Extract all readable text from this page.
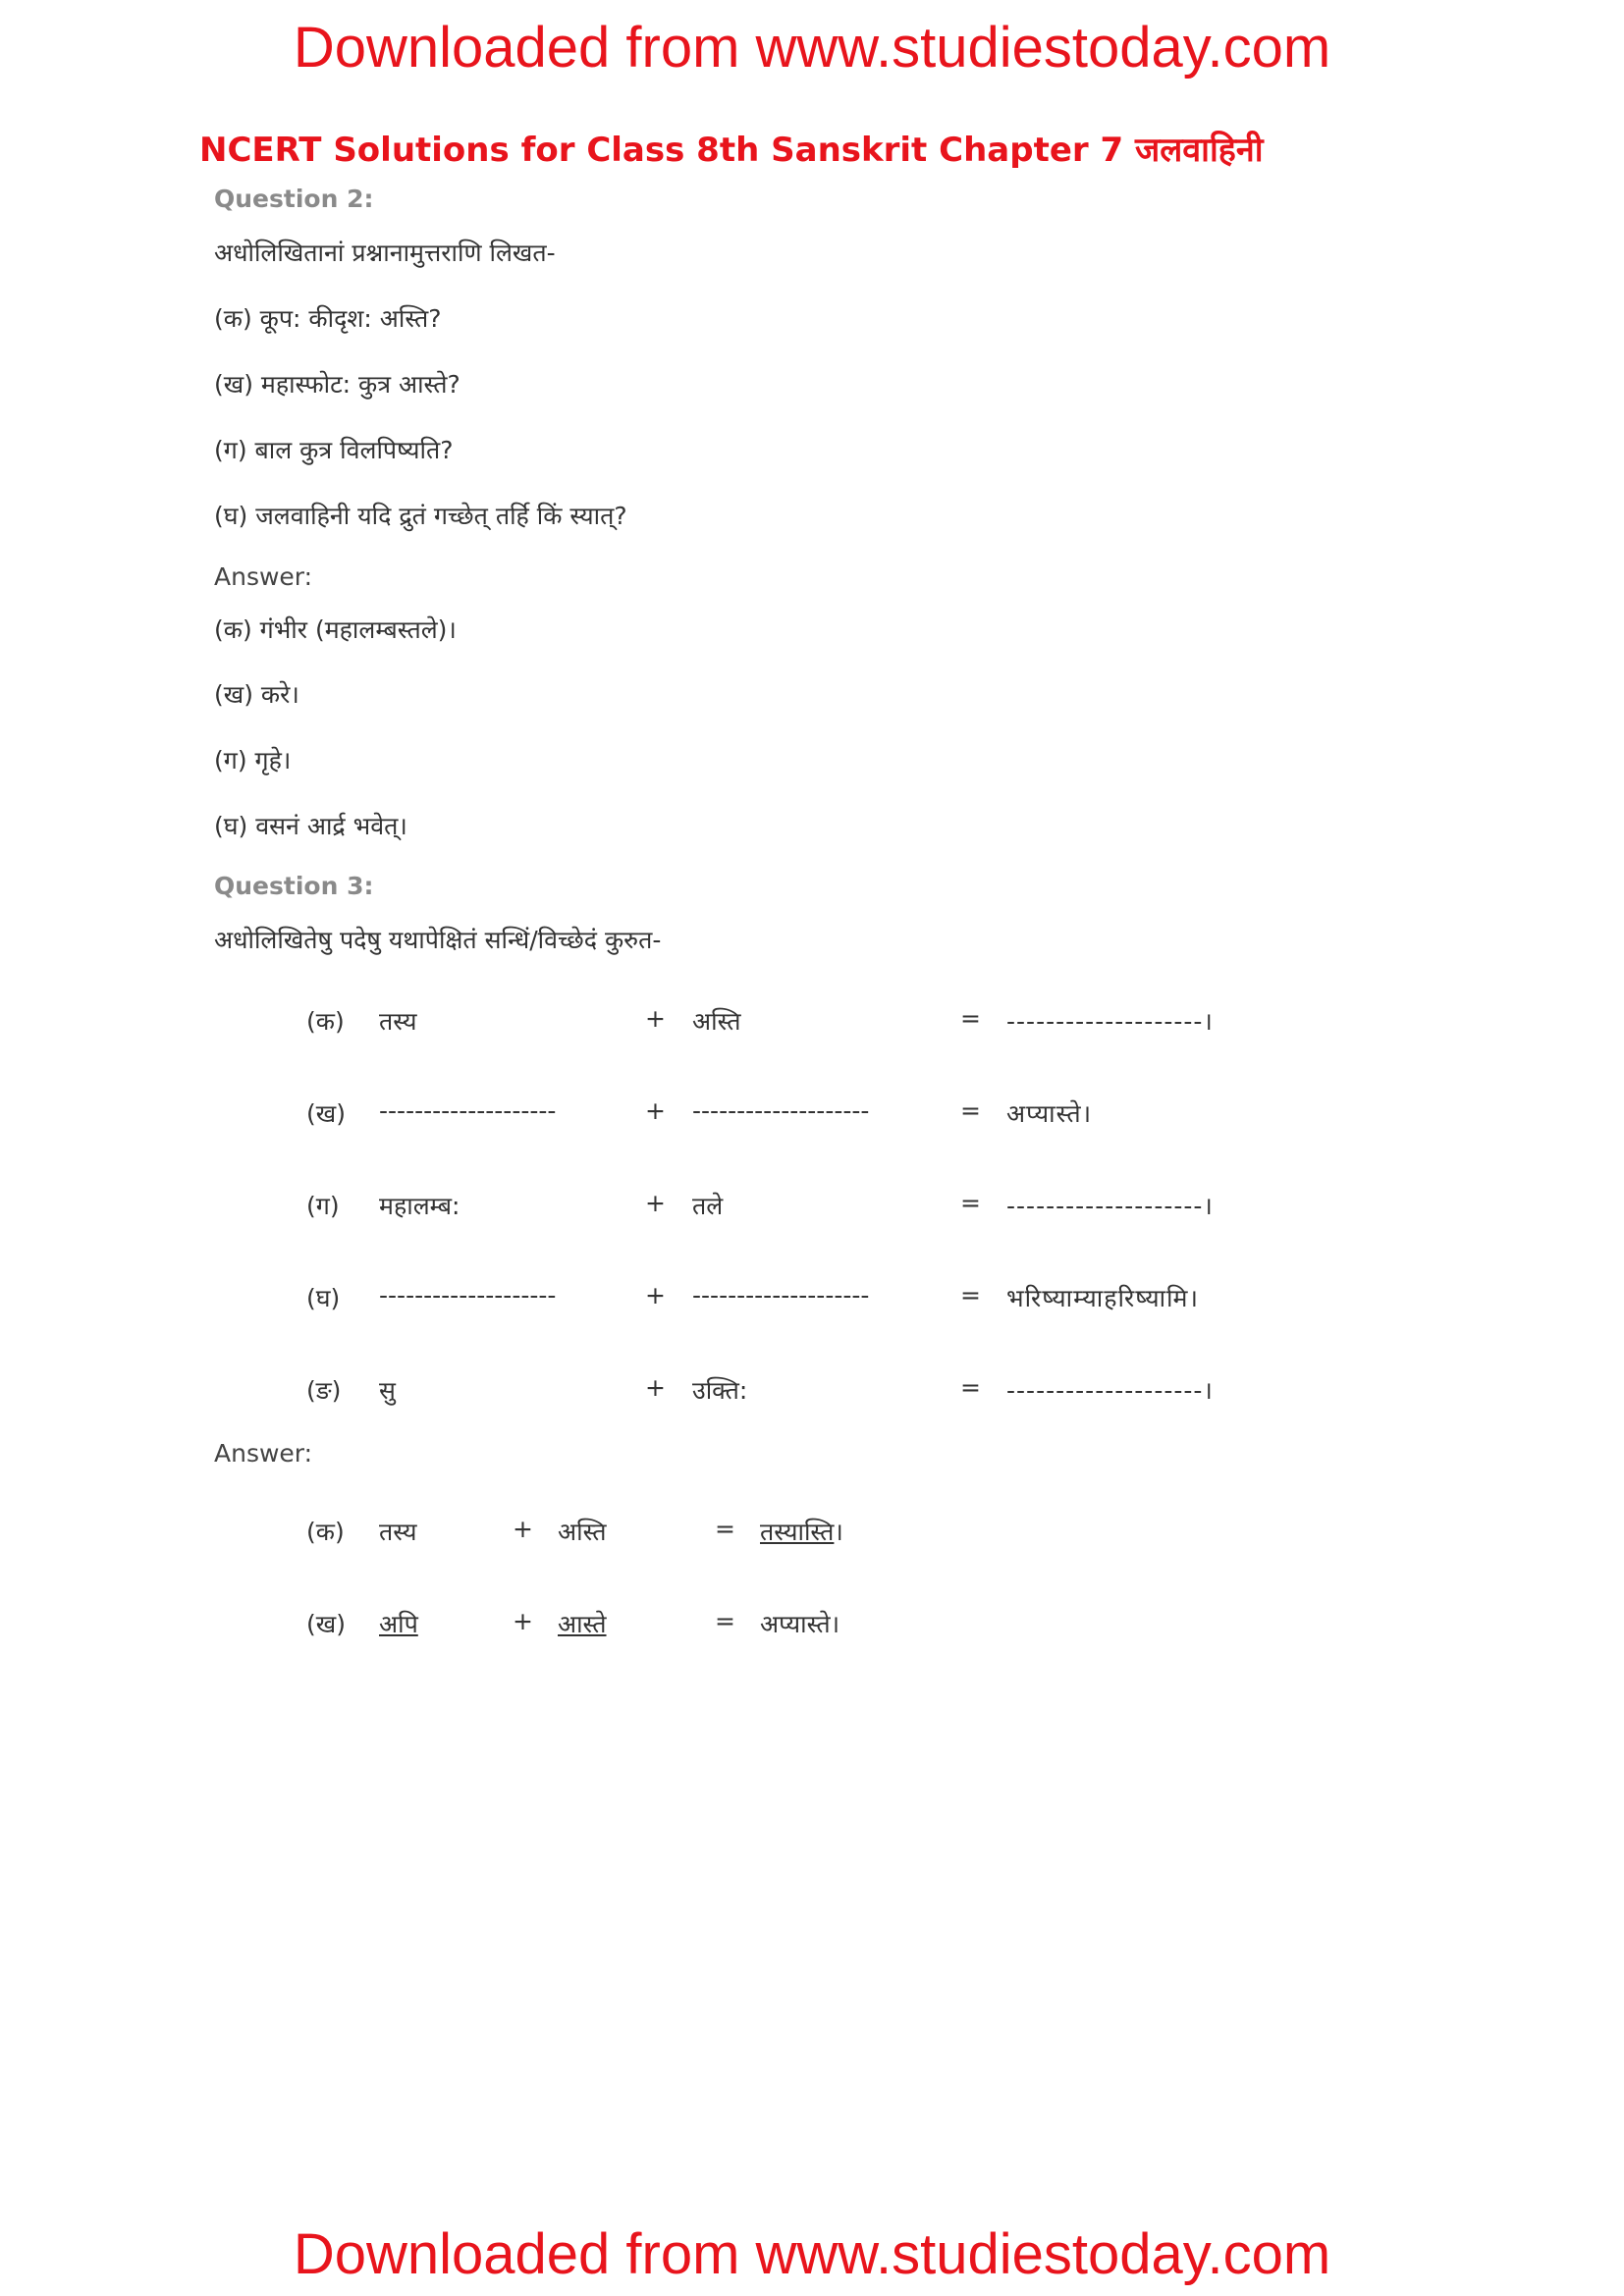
Downloaded from www.studiestoday.com
NCERT Solutions for Class 8th Sanskrit Chapter 7 जलवाहिनी
Question 2:
अधोलिखितानां प्रश्नानामुत्तराणि लिखत-
(क) कूप: कीदृश: अस्ति?
(ख) महास्फोट: कुत्र आस्ते?
(ग) बाल कुत्र विलपिष्यति?
(घ) जलवाहिनी यदि द्रुतं गच्छेत् तर्हि किं स्यात्?
Answer:
(क) गंभीर (महालम्बस्तले)।
(ख) करे।
(ग) गृहे।
(घ) वसनं आर्द्र भवेत्।
Question 3:
अधोलिखितेषु पदेषु यथापेक्षितं सन्धिं/विच्छेदं कुरुत-
(क) तस्य	+ अस्ति	= --------------------।
(ख) --------------------	+ --------------------	= अप्यास्ते।
(ग) महालम्ब:	+ तले	= --------------------।
(घ) --------------------	+ --------------------	= भरिष्याम्याहरिष्यामि।
(ङ) सु	+ उक्ति:	= --------------------।
Answer:
(क) तस्य	+ अस्ति	= तस्यास्ति।
(ख) अपि	+ आस्ते	= अप्यास्ते।
Downloaded from www.studiestoday.com
